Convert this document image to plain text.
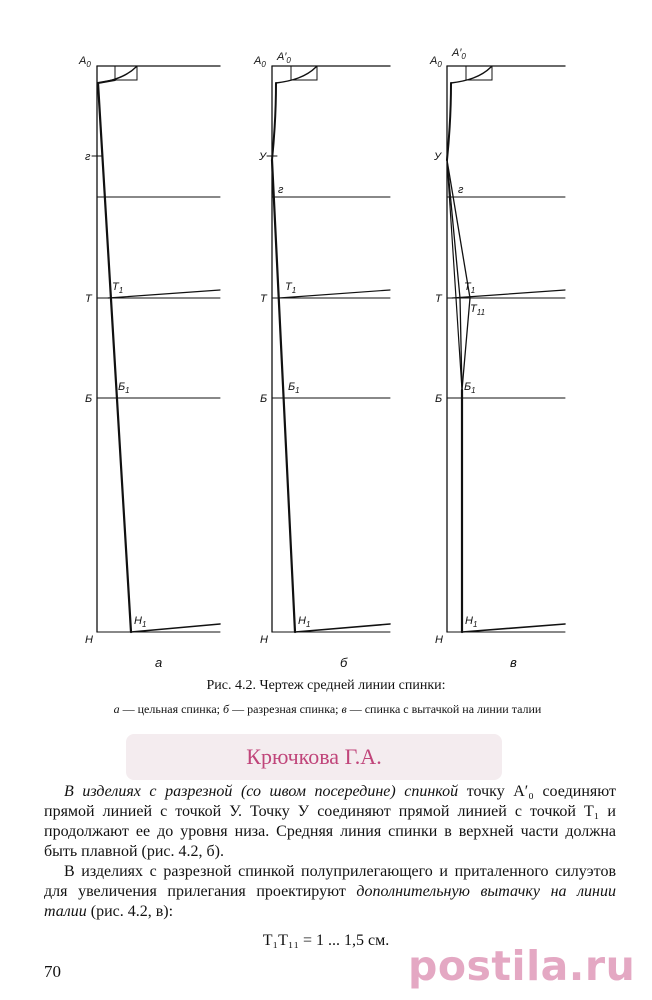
$A_0$
г
$Т_1$
Т
$Б_1$
Б
$Н_1$
Н
а
$A_0$
$A'_0$
У
г
$Т_1$
Т
$Б_1$
Б
$Н_1$
Н
б
$A_0$
$A'_0$
У
г
$Т_1$
Т
$Т_{11}$
$Б_1$
Б
$Н_1$
Н
в
Рис. 4.2. Чертеж средней линии спинки:
а — цельная спинка; б — разрезная спинка; в — спинка с вытачкой на линии талии
Крючкова Г.А.

В изделиях с разрезной (со швом посередине) спинкой точку A′₀ соединяют прямой линией с точкой У. Точку У соединяют прямой линией с точкой Т₁ и продолжают ее до уровня низа. Средняя линия спинки в верхней части должна быть плавной (рис. 4.2, б).

В изделиях с разрезной спинкой полуприлегающего и приталенного силуэтов для увеличения прилегания проектируют дополнительную вытачку на линии талии (рис. 4.2, в):

T₁T₁₁ = 1 ... 1,5 см.
70	postila.ru
